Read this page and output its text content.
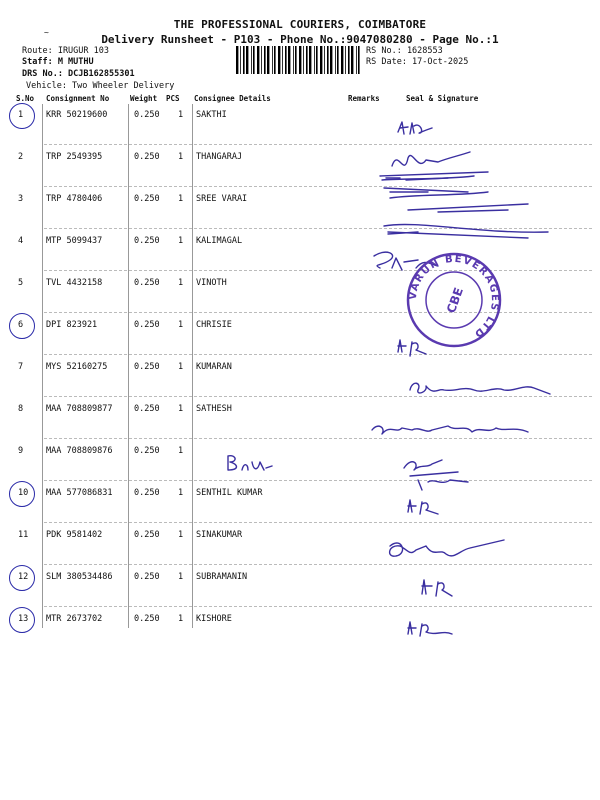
~
THE PROFESSIONAL COURIERS, COIMBATORE
Delivery Runsheet - P103 - Phone No.:9047080280 - Page No.:1
Route: IRUGUR 103
Staff: M MUTHU
DRS No.: DCJB162855301
Vehicle: Two Wheeler Delivery
RS No.: 1628553
RS Date: 17-Oct-2025
S.No Consignment No	Weight PCS Consignee Details	Remarks	Seal & Signature
1	KRR 50219600	0.250 1 SAKTHI
2	TRP 2549395	0.250 1 THANGARAJ
3	TRP 4780406	0.250 1 SREE VARAI
4	MTP 5099437	0.250 1 KALIMAGAL
5	TVL 4432158	0.250 1 VINOTH
6	DPI 823921	0.250 1 CHRISIE
7	MYS 52160275	0.250 1 KUMARAN
8	MAA 708809877	0.250 1 SATHESH
9	MAA 708809876	0.250 1
10 MAA 577086831	0.250 1 SENTHIL KUMAR
11 PDK 9581402	0.250 1 SINAKUMAR
12 SLM 380534486	0.250 1 SUBRAMANIN
13 MTR 2673702	0.250 1 KISHORE
VARUN BEVERAGES LTD
CBE
